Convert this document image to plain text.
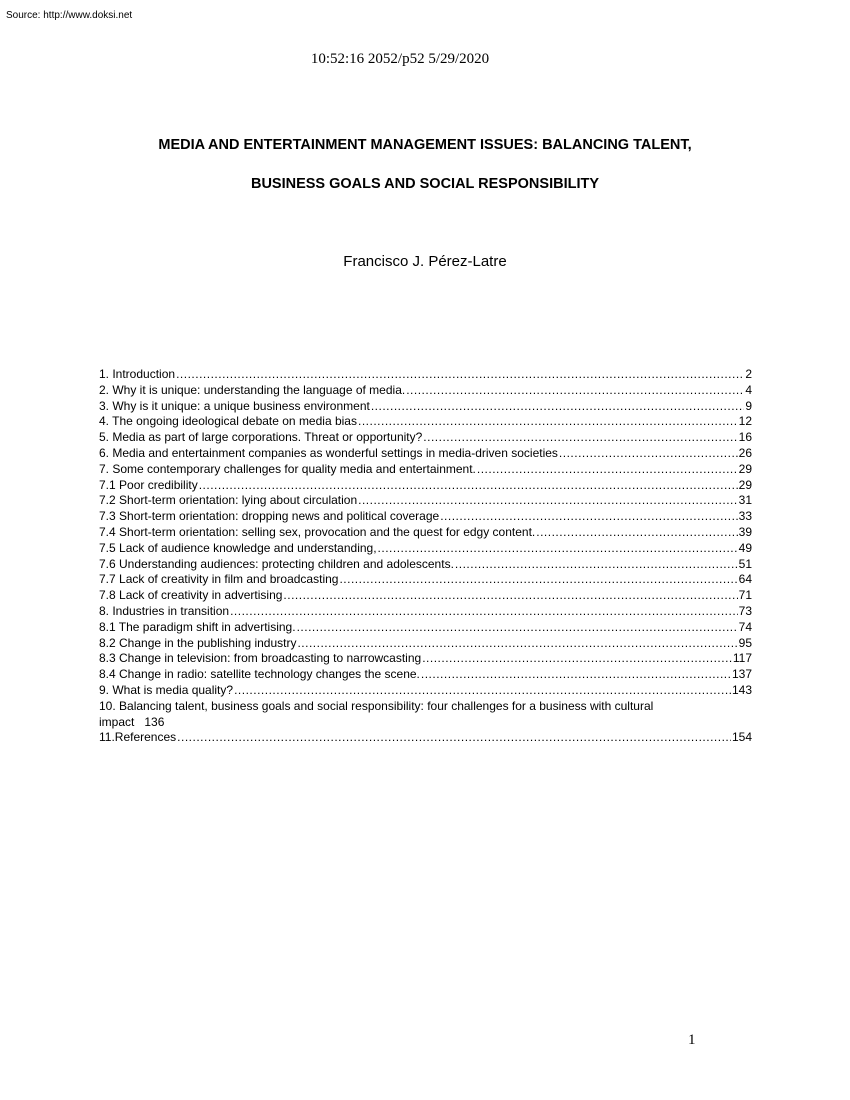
Source: http://www.doksi.net
10:52:16 2052/p52 5/29/2020
MEDIA AND ENTERTAINMENT MANAGEMENT ISSUES: BALANCING TALENT,
BUSINESS GOALS AND SOCIAL RESPONSIBILITY
Francisco J. Pérez-Latre
1. Introduction .....	2
2. Why it is unique: understanding the language of media. .....	4
3. Why is it unique: a unique business environment .....	9
4. The ongoing ideological debate on media bias .....	12
5. Media as part of large corporations. Threat or opportunity? .....	16
6. Media and entertainment companies as wonderful settings in media-driven societies .....	26
7. Some contemporary challenges for quality media and entertainment. .....	29
7.1 Poor credibility .....	29
7.2 Short-term orientation: lying about circulation .....	31
7.3 Short-term orientation: dropping news and political coverage .....	33
7.4 Short-term orientation: selling sex, provocation and the quest for edgy content. .....	39
7.5 Lack of audience knowledge and understanding, .....	49
7.6 Understanding audiences: protecting children and adolescents. .....	51
7.7 Lack of creativity in film and broadcasting .....	64
7.8 Lack of creativity in advertising .....	71
8. Industries in transition .....	73
8.1 The paradigm shift in advertising. .....	74
8.2 Change in the publishing industry .....	95
8.3 Change in television: from broadcasting to narrowcasting .....	117
8.4 Change in radio: satellite technology changes the scene. .....	137
9. What is media quality? .....	143
10. Balancing talent, business goals and social responsibility: four challenges for a business with cultural
impact 136
11.References .....	154
1
